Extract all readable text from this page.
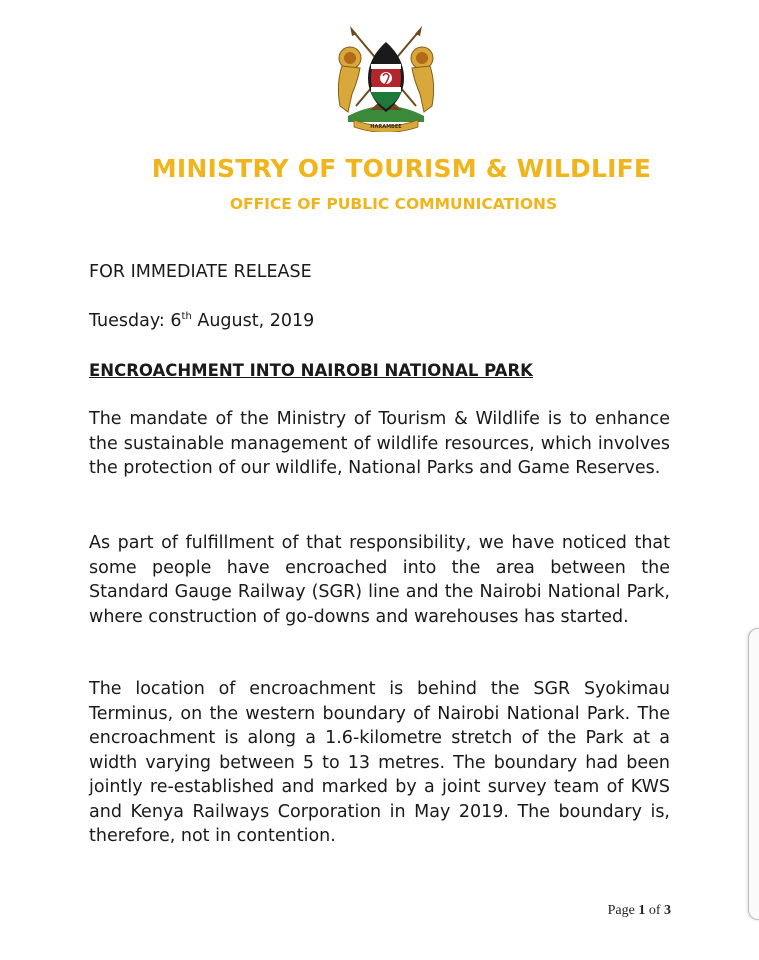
HARAMBEE
MINISTRY OF TOURISM & WILDLIFE
OFFICE OF PUBLIC COMMUNICATIONS
FOR IMMEDIATE RELEASE
Tuesday: 6th August, 2019
ENCROACHMENT INTO NAIROBI NATIONAL PARK

The mandate of the Ministry of Tourism & Wildlife is to enhance the sustainable management of wildlife resources, which involves the protection of our wildlife, National Parks and Game Reserves.

As part of fulfillment of that responsibility, we have noticed that some people have encroached into the area between the Standard Gauge Railway (SGR) line and the Nairobi National Park, where construction of go-downs and warehouses has started.

The location of encroachment is behind the SGR Syokimau Terminus, on the western boundary of Nairobi National Park. The encroachment is along a 1.6-kilometre stretch of the Park at a width varying between 5 to 13 metres. The boundary had been jointly re-established and marked by a joint survey team of KWS and Kenya Railways Corporation in May 2019. The boundary is, therefore, not in contention.

Page 1 of 3
